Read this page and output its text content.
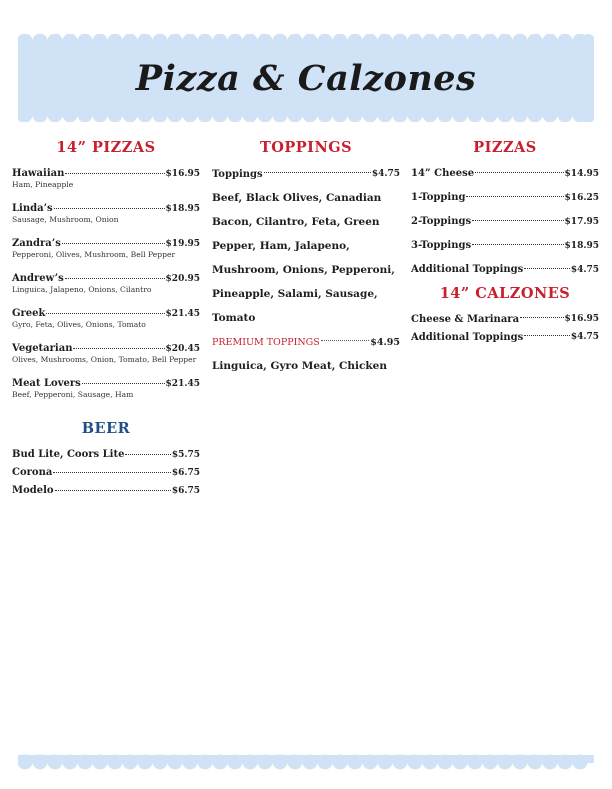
Pizza & Calzones
14” PIZZAS
Hawaiian	$16.95
Ham, Pineapple
Linda’s	$18.95
Sausage, Mushroom, Onion
Zandra’s	$19.95
Pepperoni, Olives, Mushroom, Bell Pepper
Andrew’s	$20.95
Linguica, Jalapeno, Onions, Cilantro
Greek	$21.45
Gyro, Feta, Olives, Onions, Tomato
Vegetarian	$20.45
Olives, Mushrooms, Onion, Tomato, Bell Pepper
Meat Lovers	$21.45
Beef, Pepperoni, Sausage, Ham
BEER
Bud Lite, Coors Lite	$5.75
Corona	$6.75
Modelo	$6.75
TOPPINGS
Toppings	$4.75
Beef, Black Olives, Canadian
Bacon, Cilantro, Feta, Green
Pepper, Ham, Jalapeno,
Mushroom, Onions, Pepperoni,
Pineapple, Salami, Sausage,
Tomato
PREMIUM TOPPINGS	$4.95
Linguica, Gyro Meat, Chicken
PIZZAS
14” Cheese	$14.95
1-Topping	$16.25
2-Toppings	$17.95
3-Toppings	$18.95
Additional Toppings	$4.75
14” CALZONES
Cheese & Marinara	$16.95
Additional Toppings	$4.75
